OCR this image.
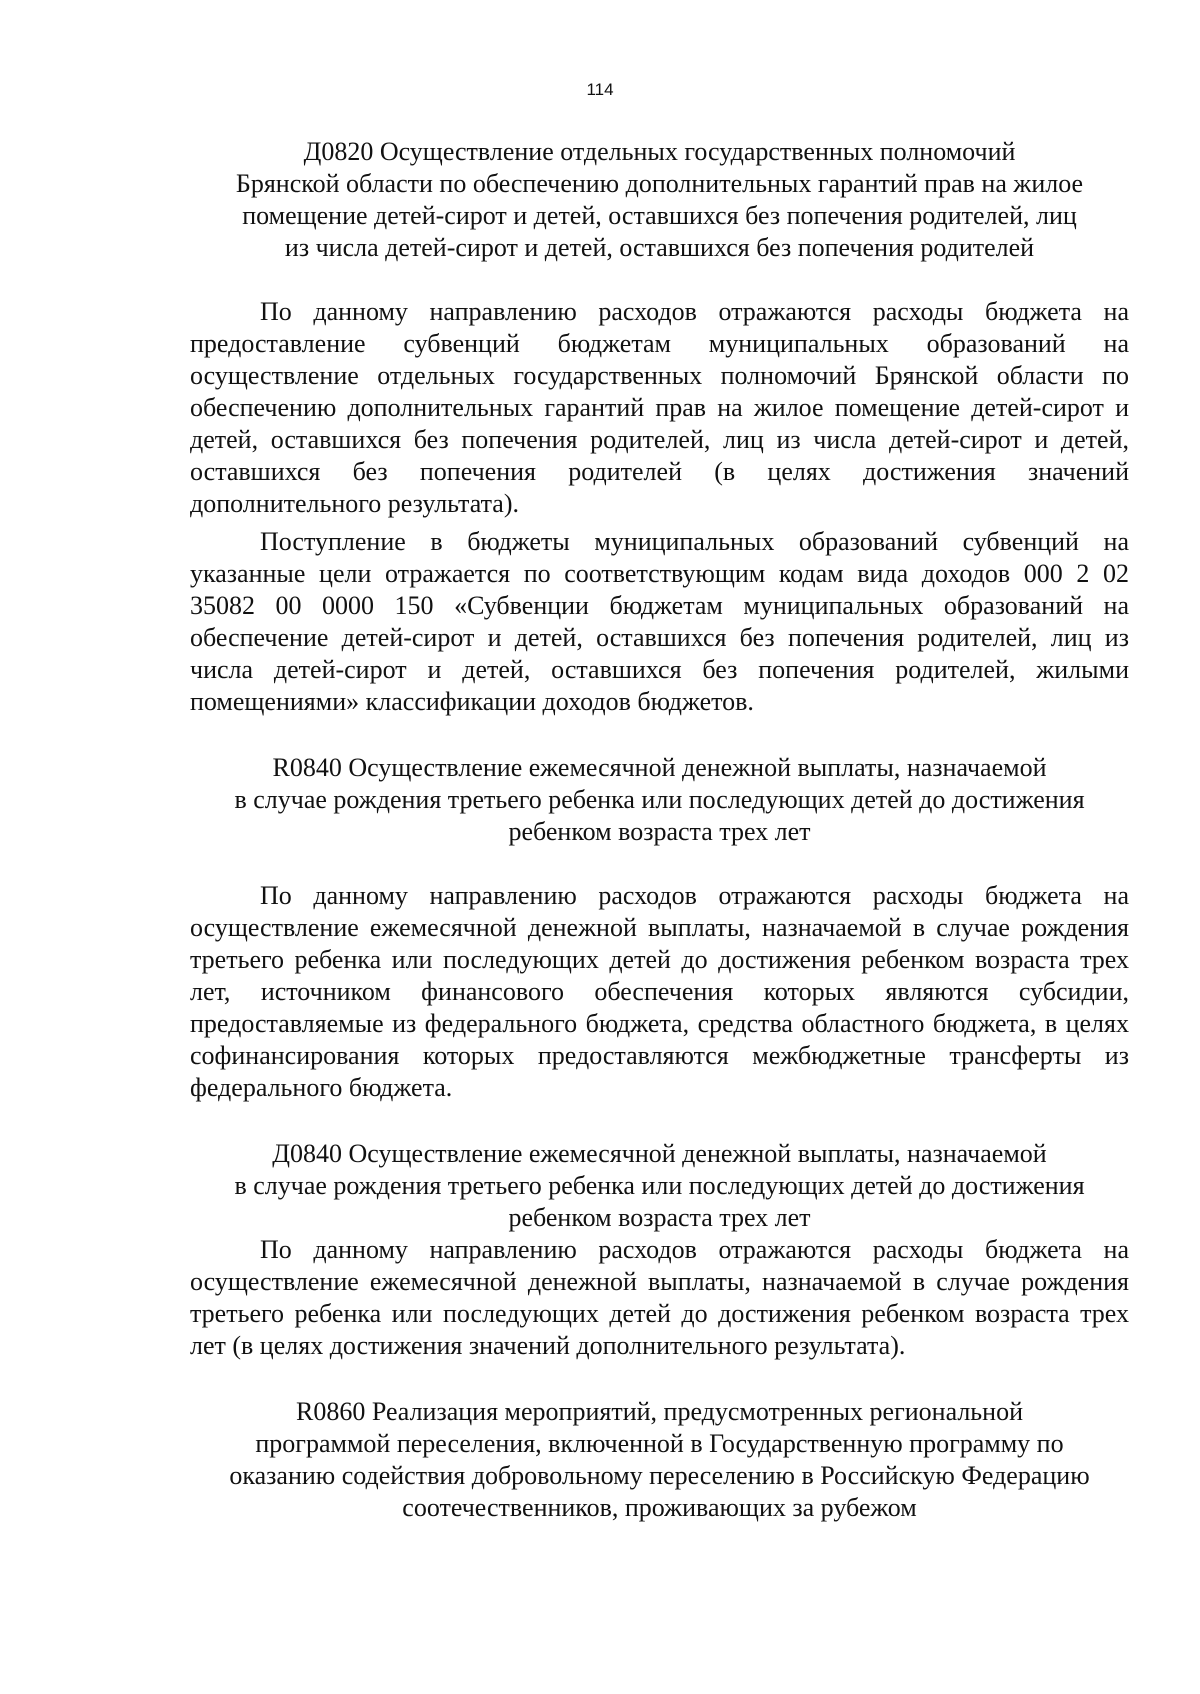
114
Д0820 Осуществление отдельных государственных полномочий
Брянской области по обеспечению дополнительных гарантий прав на жилое
помещение детей-сирот и детей, оставшихся без попечения родителей, лиц
из числа детей-сирот и детей, оставшихся без попечения родителей

По данному направлению расходов отражаются расходы бюджета на предоставление субвенций бюджетам муниципальных образований на осуществление отдельных государственных полномочий Брянской области по обеспечению дополнительных гарантий прав на жилое помещение детей-сирот и детей, оставшихся без попечения родителей, лиц из числа детей-сирот и детей, оставшихся без попечения родителей (в целях достижения значений дополнительного результата).

Поступление в бюджеты муниципальных образований субвенций на указанные цели отражается по соответствующим кодам вида доходов 000 2 02 35082 00 0000 150 «Субвенции бюджетам муниципальных образований на обеспечение детей-сирот и детей, оставшихся без попечения родителей, лиц из числа детей-сирот и детей, оставшихся без попечения родителей, жилыми помещениями» классификации доходов бюджетов.

R0840 Осуществление ежемесячной денежной выплаты, назначаемой
в случае рождения третьего ребенка или последующих детей до достижения
ребенком возраста трех лет

По данному направлению расходов отражаются расходы бюджета на осуществление ежемесячной денежной выплаты, назначаемой в случае рождения третьего ребенка или последующих детей до достижения ребенком возраста трех лет, источником финансового обеспечения которых являются субсидии, предоставляемые из федерального бюджета, средства областного бюджета, в целях софинансирования которых предоставляются межбюджетные трансферты из федерального бюджета.

Д0840 Осуществление ежемесячной денежной выплаты, назначаемой
в случае рождения третьего ребенка или последующих детей до достижения
ребенком возраста трех лет

По данному направлению расходов отражаются расходы бюджета на осуществление ежемесячной денежной выплаты, назначаемой в случае рождения третьего ребенка или последующих детей до достижения ребенком возраста трех лет (в целях достижения значений дополнительного результата).

R0860 Реализация мероприятий, предусмотренных региональной
программой переселения, включенной в Государственную программу по
оказанию содействия добровольному переселению в Российскую Федерацию
соотечественников, проживающих за рубежом
